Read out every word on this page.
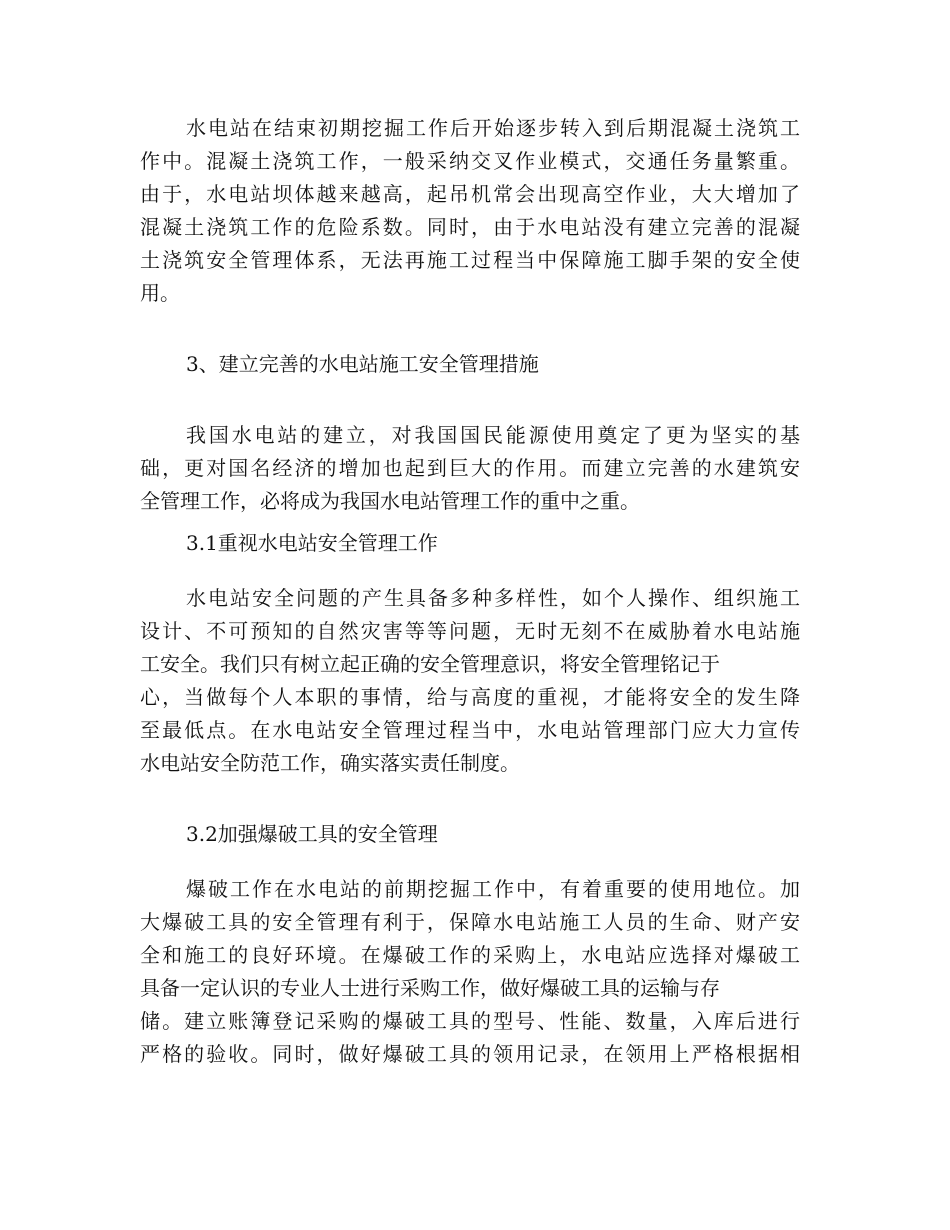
水电站在结束初期挖掘工作后开始逐步转入到后期混凝土浇筑工
作中。混凝土浇筑工作，一般采纳交叉作业模式，交通任务量繁重。
由于，水电站坝体越来越高，起吊机常会出现高空作业，大大增加了
混凝土浇筑工作的危险系数。同时，由于水电站没有建立完善的混凝
土浇筑安全管理体系，无法再施工过程当中保障施工脚手架的安全使
用。
3、建立完善的水电站施工安全管理措施
我国水电站的建立，对我国国民能源使用奠定了更为坚实的基
础，更对国名经济的增加也起到巨大的作用。而建立完善的水建筑安
全管理工作，必将成为我国水电站管理工作的重中之重。
3.1重视水电站安全管理工作
水电站安全问题的产生具备多种多样性，如个人操作、组织施工
设计、不可预知的自然灾害等等问题，无时无刻不在威胁着水电站施
工安全。我们只有树立起正确的安全管理意识，将安全管理铭记于
心，当做每个人本职的事情，给与高度的重视，才能将安全的发生降
至最低点。在水电站安全管理过程当中，水电站管理部门应大力宣传
水电站安全防范工作，确实落实责任制度。
3.2加强爆破工具的安全管理
爆破工作在水电站的前期挖掘工作中，有着重要的使用地位。加
大爆破工具的安全管理有利于，保障水电站施工人员的生命、财产安
全和施工的良好环境。在爆破工作的采购上，水电站应选择对爆破工
具备一定认识的专业人士进行采购工作，做好爆破工具的运输与存
储。建立账簿登记采购的爆破工具的型号、性能、数量，入库后进行
严格的验收。同时，做好爆破工具的领用记录，在领用上严格根据相
